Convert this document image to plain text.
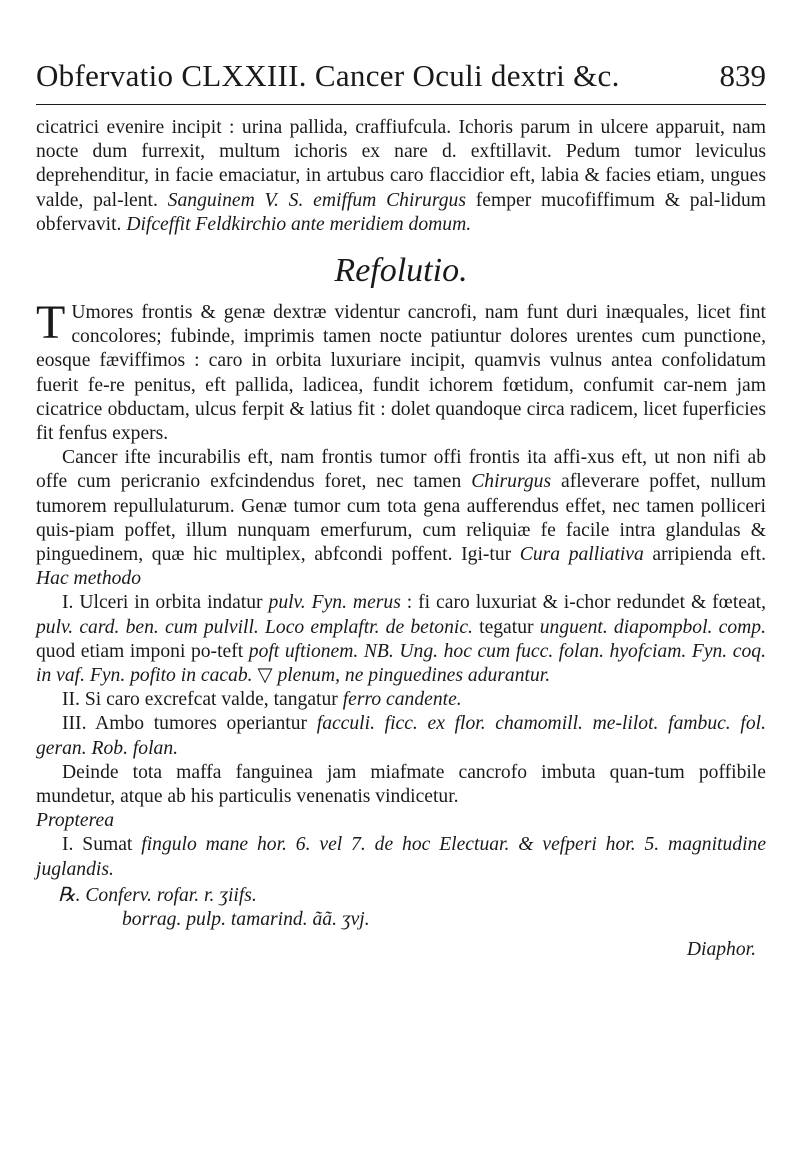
Obfervatio CLXXIII. Cancer Oculi dextri &c.	839

cicatrici evenire incipit : urina pallida, craffiufcula. Ichoris parum in ulcere apparuit, nam nocte dum furrexit, multum ichoris ex nare d. exftillavit. Pedum tumor leviculus deprehenditur, in facie emaciatur, in artubus caro flaccidior eft, labia & facies etiam, ungues valde, pal-lent. Sanguinem V. S. emiffum Chirurgus femper mucofiffimum & pal-lidum obfervavit. Difceffit Feldkirchio ante meridiem domum.

Refolutio.

T Umores frontis & genæ dextræ videntur cancrofi, nam funt duri inæquales, licet fint concolores; fubinde, imprimis tamen nocte patiuntur dolores urentes cum punctione, eosque fæviffimos : caro in orbita luxuriare incipit, quamvis vulnus antea confolidatum fuerit fe-re penitus, eft pallida, ladicea, fundit ichorem fœtidum, confumit car-nem jam cicatrice obductam, ulcus ferpit & latius fit : dolet quandoque circa radicem, licet fuperficies fit fenfus expers.

Cancer ifte incurabilis eft, nam frontis tumor offi frontis ita affi-xus eft, ut non nifi ab offe cum pericranio exfcindendus foret, nec tamen Chirurgus afleverare poffet, nullum tumorem repullulaturum. Genæ tumor cum tota gena aufferendus effet, nec tamen polliceri quis-piam poffet, illum nunquam emerfurum, cum reliquiæ fe facile intra glandulas & pinguedinem, quæ hic multiplex, abfcondi poffent. Igi-tur Cura palliativa arripienda eft. Hac methodo

I. Ulceri in orbita indatur pulv. Fyn. merus : fi caro luxuriat & i-chor redundet & fœteat, pulv. card. ben. cum pulvill. Loco emplaftr. de betonic. tegatur unguent. diapompbol. comp. quod etiam imponi po-teft poft uftionem. NB. Ung. hoc cum fucc. folan. hyofciam. Fyn. coq. in vaf. Fyn. pofito in cacab. ▽ plenum, ne pinguedines adurantur.

II. Si caro excrefcat valde, tangatur ferro candente.

III. Ambo tumores operiantur facculi. ficc. ex flor. chamomill. me-lilot. fambuc. fol. geran. Rob. folan.

Deinde tota maffa fanguinea jam miafmate cancrofo imbuta quan-tum poffibile mundetur, atque ab his particulis venenatis vindicetur.

Propterea

I. Sumat fingulo mane hor. 6. vel 7. de hoc Electuar. & vefperi hor. 5. magnitudine juglandis.

℞. Conferv. rofar. r. ʒiifs.

borrag. pulp. tamarind. ãã. ʒvj.

Diaphor.
